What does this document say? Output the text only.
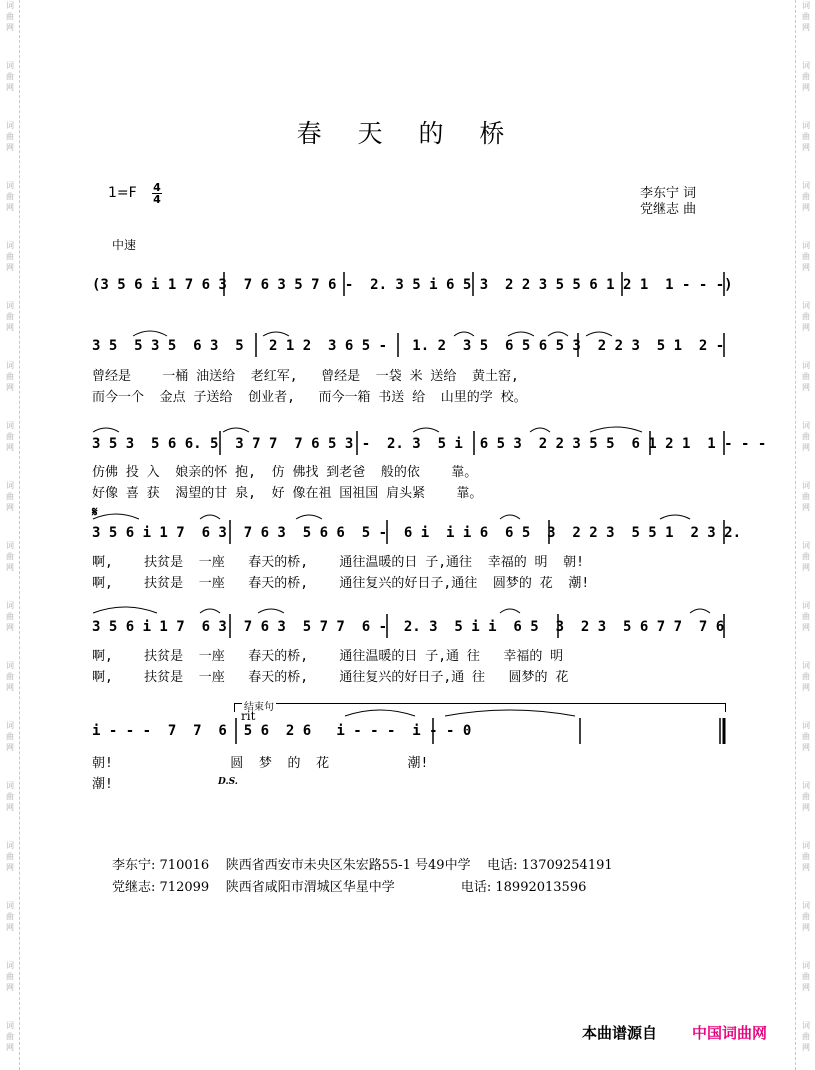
词
曲
网
词
曲
网
词
曲
网
词
曲
网
词
曲
网
词
曲
网
词
曲
网
词
曲
网
词
曲
网
词
曲
网
词
曲
网
词
曲
网
词
曲
网
词
曲
网
词
曲
网
词
曲
网
词
曲
网
词
曲
网
词
曲
网
词
曲
网
词
曲
网
词
曲
网
词
曲
网
词
曲
网
词
曲
网
词
曲
网
词
曲
网
词
曲
网
词
曲
网
词
曲
网
词
曲
网
词
曲
网
词
曲
网
词
曲
网
词
曲
网
词
曲
网
春 天 的 桥
1=F 4
4	李东宁 词
党继志 曲
中速
(3 5 6 i 1 7 6 3  7 6 3 5 7 6 -  2. 3 5 i 6 5 3  2 2 3 5 5 6 1 2 1  1 - - -)
3 5  5 3 5  6 3  5   2 1 2  3 6 5 -   1. 2  3 5  6 5 6 5 3  2 2 3  5 1  2 -
曾经是    一桶 油送给  老红军,   曾经是  一袋 米 送给  黄土窑,
而今一个  金点 子送给  创业者,   而今一箱 书送 给  山里的学 校。
3 5 3  5 6 6. 5  3 7 7  7 6 5 3 -  2. 3  5 i  6 5 3  2 2 3 5 5  6 1 2 1  1 - - -
仿佛 投 入  娘亲的怀 抱,  仿 佛找 到老爸  般的依    靠。
好像 喜 获  渴望的甘 泉,  好 像在祖 国祖国 肩头紧    靠。
𝄋
3 5 6 i 1 7  6 3  7 6 3  5 6 6  5 -  6 i  i i 6  6 5  3  2 2 3  5 5 1  2 3 2.
啊,    扶贫是  一座   春天的桥,    通往温暖的日 子,通往  幸福的 明  朝!
啊,    扶贫是  一座   春天的桥,    通往复兴的好日子,通往  圆梦的 花  潮!
3 5 6 i 1 7  6 3  7 6 3  5 7 7  6 -  2. 3  5 i i  6 5  3  2 3  5 6 7 7  7 6
啊,    扶贫是  一座   春天的桥,    通往温暖的日 子,通 往   幸福的 明
啊,    扶贫是  一座   春天的桥,    通往复兴的好日子,通 往   圆梦的 花
结束句
rit
i - - -  7  7  6  5 6  2 6   i - - -  i - - 0
朝!               圆  梦  的  花          潮!
潮!	D.S.
李东宁: 710016 陕西省西安市未央区朱宏路55-1 号49中学 电话: 13709254191
党继志: 712099 陕西省咸阳市渭城区华星中学	电话: 18992013596
本曲谱源自 中国词曲网
